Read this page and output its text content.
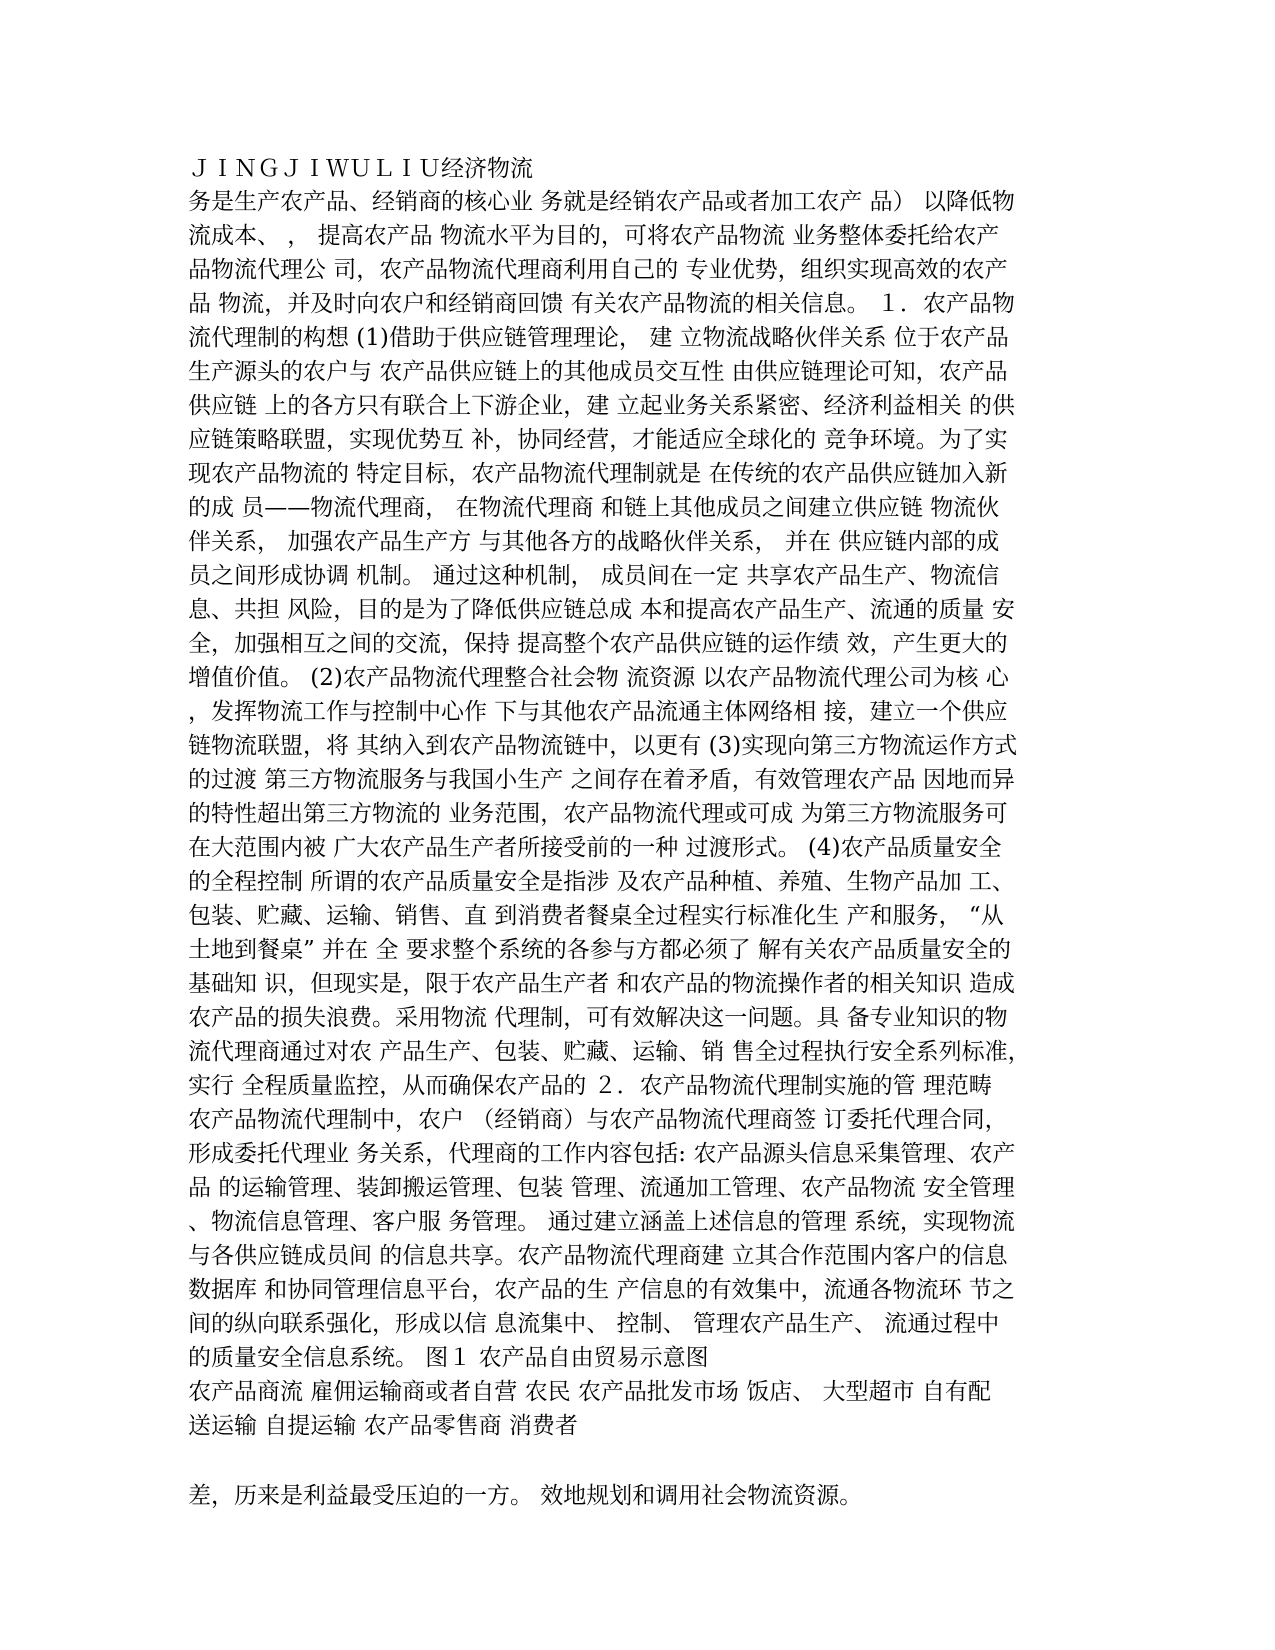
ＪＩＮＧＪＩＷＵＬＩＵ经济物流
务是生产农产品、经销商的核心业 务就是经销农产品或者加工农产 品） 以降低物
流成本、 ， 提高农产品 物流水平为目的，可将农产品物流 业务整体委托给农产
品物流代理公 司，农产品物流代理商利用自己的 专业优势，组织实现高效的农产
品 物流，并及时向农户和经销商回馈 有关农产品物流的相关信息。 １．农产品物
流代理制的构想 (1)借助于供应链管理理论， 建 立物流战略伙伴关系 位于农产品
生产源头的农户与 农产品供应链上的其他成员交互性 由供应链理论可知，农产品
供应链 上的各方只有联合上下游企业，建 立起业务关系紧密、经济利益相关 的供
应链策略联盟，实现优势互 补，协同经营，才能适应全球化的 竞争环境。为了实
现农产品物流的 特定目标，农产品物流代理制就是 在传统的农产品供应链加入新
的成 员——物流代理商， 在物流代理商 和链上其他成员之间建立供应链 物流伙
伴关系， 加强农产品生产方 与其他各方的战略伙伴关系， 并在 供应链内部的成
员之间形成协调 机制。 通过这种机制， 成员间在一定 共享农产品生产、物流信
息、共担 风险，目的是为了降低供应链总成 本和提高农产品生产、流通的质量 安
全，加强相互之间的交流，保持 提高整个农产品供应链的运作绩 效，产生更大的
增值价值。 (2)农产品物流代理整合社会物 流资源 以农产品物流代理公司为核 心
，发挥物流工作与控制中心作 下与其他农产品流通主体网络相 接，建立一个供应
链物流联盟，将 其纳入到农产品物流链中，以更有 (3)实现向第三方物流运作方式
的过渡 第三方物流服务与我国小生产 之间存在着矛盾，有效管理农产品 因地而异
的特性超出第三方物流的 业务范围，农产品物流代理或可成 为第三方物流服务可
在大范围内被 广大农产品生产者所接受前的一种 过渡形式。 (4)农产品质量安全
的全程控制 所谓的农产品质量安全是指涉 及农产品种植、养殖、生物产品加 工、
包装、贮藏、运输、销售、直 到消费者餐桌全过程实行标准化生 产和服务， “从
土地到餐桌” 并在 全 要求整个系统的各参与方都必须了 解有关农产品质量安全的
基础知 识，但现实是，限于农产品生产者 和农产品的物流操作者的相关知识 造成
农产品的损失浪费。采用物流 代理制，可有效解决这一问题。具 备专业知识的物
流代理商通过对农 产品生产、包装、贮藏、运输、销 售全过程执行安全系列标准，
实行 全程质量监控，从而确保农产品的 ２．农产品物流代理制实施的管 理范畴
农产品物流代理制中，农户 （经销商）与农产品物流代理商签 订委托代理合同，
形成委托代理业 务关系，代理商的工作内容包括: 农产品源头信息采集管理、农产
品 的运输管理、装卸搬运管理、包装 管理、流通加工管理、农产品物流 安全管理
、物流信息管理、客户服 务管理。 通过建立涵盖上述信息的管理 系统，实现物流
与各供应链成员间 的信息共享。农产品物流代理商建 立其合作范围内客户的信息
数据库 和协同管理信息平台，农产品的生 产信息的有效集中，流通各物流环 节之
间的纵向联系强化，形成以信 息流集中、 控制、 管理农产品生产、 流通过程中
的质量安全信息系统。 图１ 农产品自由贸易示意图
农产品商流 雇佣运输商或者自营 农民 农产品批发市场 饭店、 大型超市 自有配
送运输 自提运输 农产品零售商 消费者
差，历来是利益最受压迫的一方。 效地规划和调用社会物流资源。
